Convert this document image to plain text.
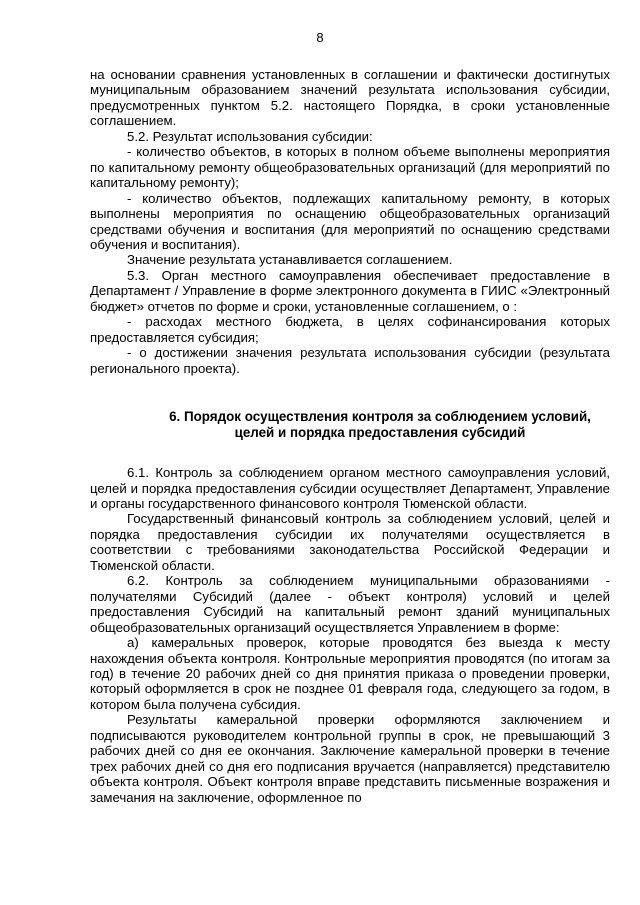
8

на основании сравнения установленных в соглашении и фактически достигнутых муниципальным образованием значений результата использования субсидии, предусмотренных пунктом 5.2. настоящего Порядка, в сроки установленные соглашением.

5.2. Результат использования субсидии:

- количество объектов, в которых в полном объеме выполнены мероприятия по капитальному ремонту общеобразовательных организаций (для мероприятий по капитальному ремонту);

- количество объектов, подлежащих капитальному ремонту, в которых выполнены мероприятия по оснащению общеобразовательных организаций средствами обучения и воспитания (для мероприятий по оснащению средствами обучения и воспитания).

Значение результата устанавливается соглашением.

5.3. Орган местного самоуправления обеспечивает предоставление в Департамент / Управление в форме электронного документа в ГИИС «Электронный бюджет» отчетов по форме и сроки, установленные соглашением, о :

- расходах местного бюджета, в целях софинансирования которых предоставляется субсидия;

- о достижении значения результата использования субсидии (результата регионального проекта).

6. Порядок осуществления контроля за соблюдением условий,
целей и порядка предоставления субсидий

6.1. Контроль за соблюдением органом местного самоуправления условий, целей и порядка предоставления субсидии осуществляет Департамент, Управление и органы государственного финансового контроля Тюменской области.

Государственный финансовый контроль за соблюдением условий, целей и порядка предоставления субсидии их получателями осуществляется в соответствии с требованиями законодательства Российской Федерации и Тюменской области.

6.2. Контроль за соблюдением муниципальными образованиями - получателями Субсидий (далее - объект контроля) условий и целей предоставления Субсидий на капитальный ремонт зданий муниципальных общеобразовательных организаций осуществляется Управлением в форме:

а) камеральных проверок, которые проводятся без выезда к месту нахождения объекта контроля. Контрольные мероприятия проводятся (по итогам за год) в течение 20 рабочих дней со дня принятия приказа о проведении проверки, который оформляется в срок не позднее 01 февраля года, следующего за годом, в котором была получена субсидия.

Результаты камеральной проверки оформляются заключением и подписываются руководителем контрольной группы в срок, не превышающий 3 рабочих дней со дня ее окончания. Заключение камеральной проверки в течение трех рабочих дней со дня его подписания вручается (направляется) представителю объекта контроля. Объект контроля вправе представить письменные возражения и замечания на заключение, оформленное по
